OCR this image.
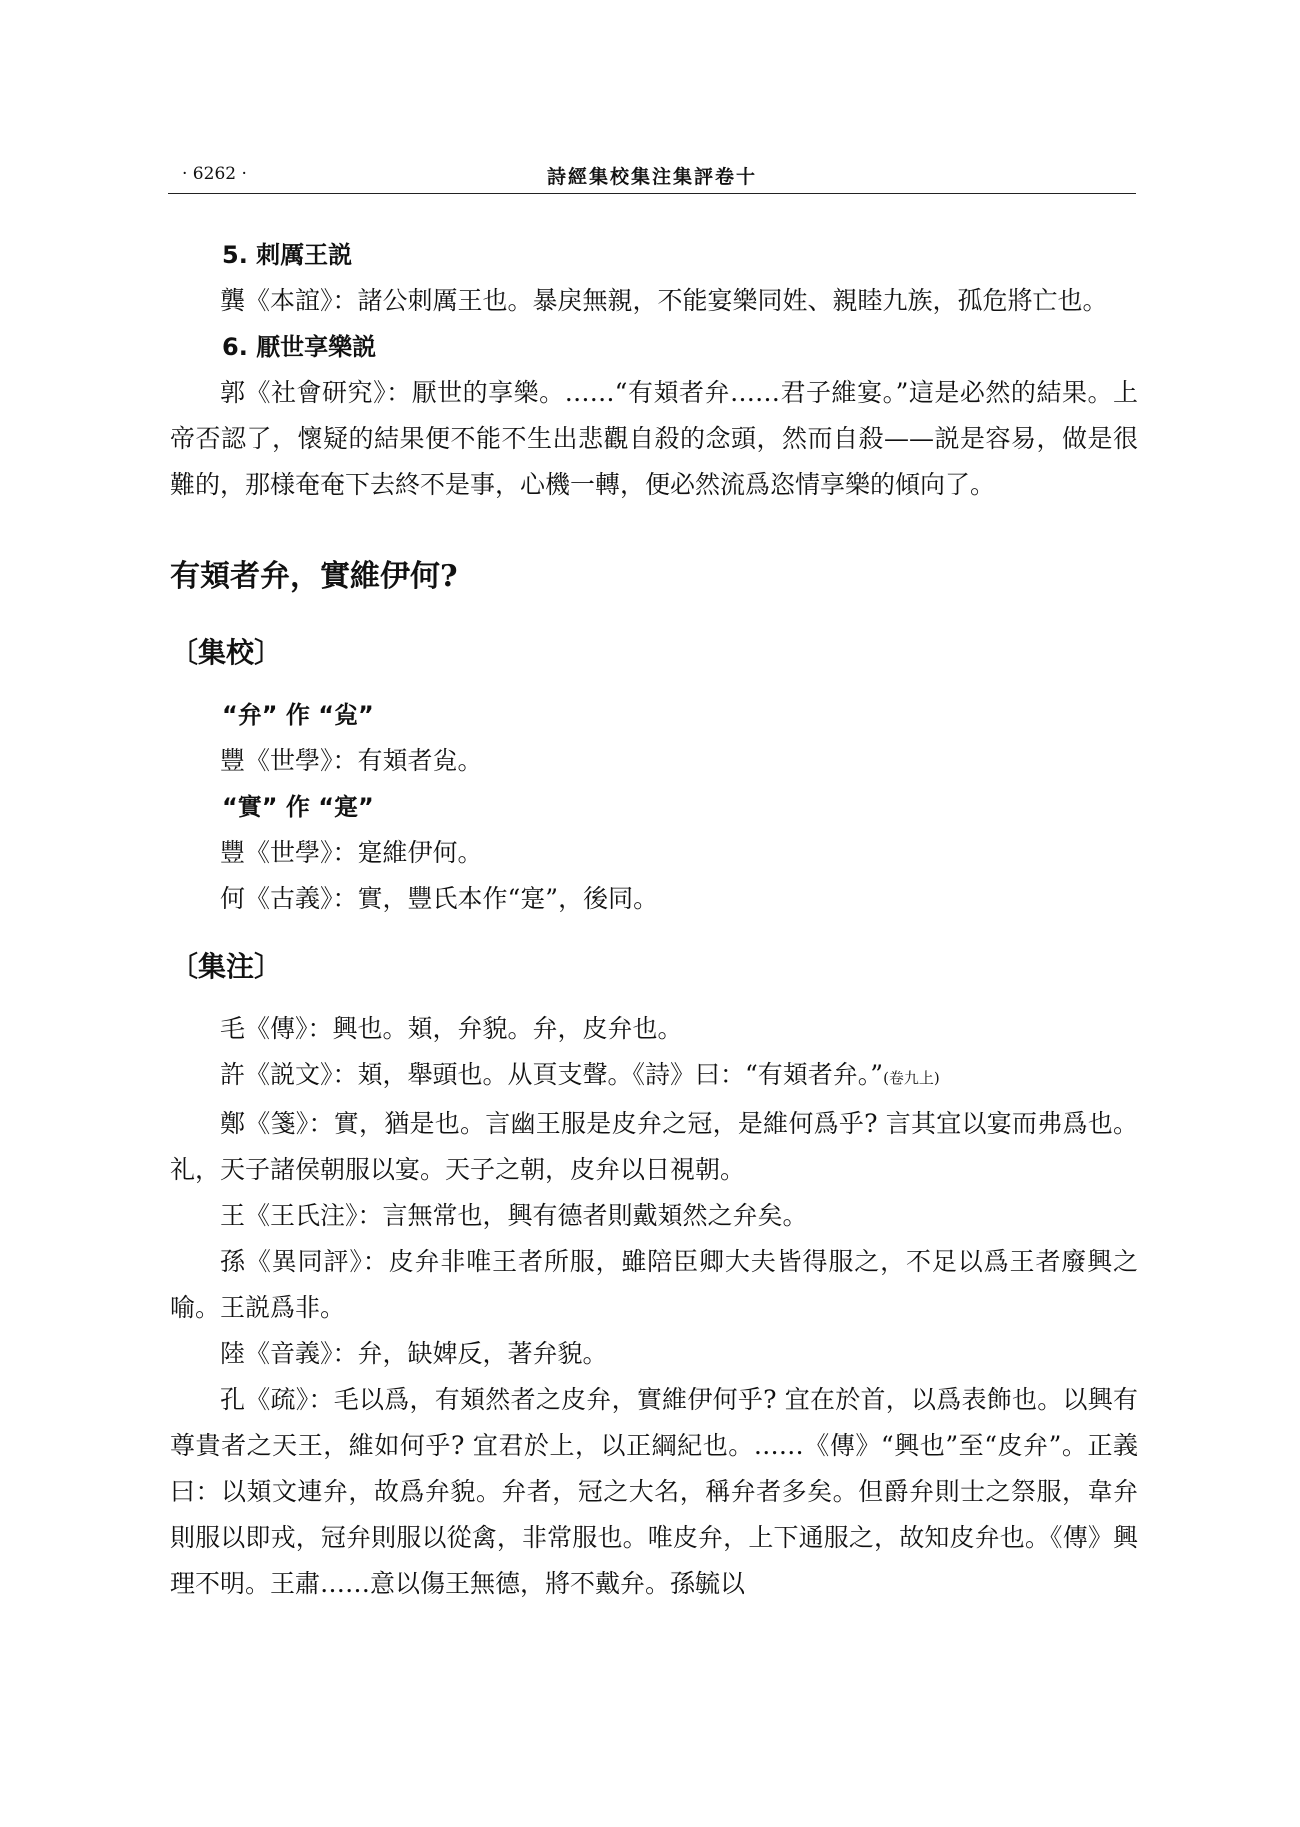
· 6262 ·	詩經集校集注集評卷十

5. 刺厲王説

龔《本誼》：諸公刺厲王也。暴戾無親，不能宴樂同姓、親睦九族，孤危將亡也。

6. 厭世享樂説

郭《社會研究》：厭世的享樂。……“有頍者弁……君子維宴。”這是必然的結果。上帝否認了，懷疑的結果便不能不生出悲觀自殺的念頭，然而自殺——説是容易，做是很難的，那様奄奄下去終不是事，心機一轉，便必然流爲恣情享樂的傾向了。

有頍者弁，實維伊何?
〔集校〕

“弁” 作 “㝸”

豐《世學》：有頍者㝸。

“實” 作 “寔”

豐《世學》：寔維伊何。

何《古義》：實，豐氏本作“寔”，後同。

〔集注〕

毛《傳》：興也。頍，弁貌。弁，皮弁也。

許《説文》：頍，舉頭也。从頁支聲。《詩》曰：“有頍者弁。”(卷九上)

鄭《箋》：實，猶是也。言幽王服是皮弁之冠，是維何爲乎? 言其宜以宴而弗爲也。礼，天子諸侯朝服以宴。天子之朝，皮弁以日視朝。

王《王氏注》：言無常也，興有德者則戴頍然之弁矣。

孫《異同評》：皮弁非唯王者所服，雖陪臣卿大夫皆得服之，不足以爲王者廢興之喻。王説爲非。

陸《音義》：弁，缺婢反，著弁貌。

孔《疏》：毛以爲，有頍然者之皮弁，實維伊何乎? 宜在於首，以爲表飾也。以興有尊貴者之天王，維如何乎? 宜君於上，以正綱紀也。……《傳》“興也”至“皮弁”。正義曰：以頍文連弁，故爲弁貌。弁者，冠之大名，稱弁者多矣。但爵弁則士之祭服，韋弁則服以即戎，冠弁則服以從禽，非常服也。唯皮弁，上下通服之，故知皮弁也。《傳》興理不明。王肅……意以傷王無德，將不戴弁。孫毓以
